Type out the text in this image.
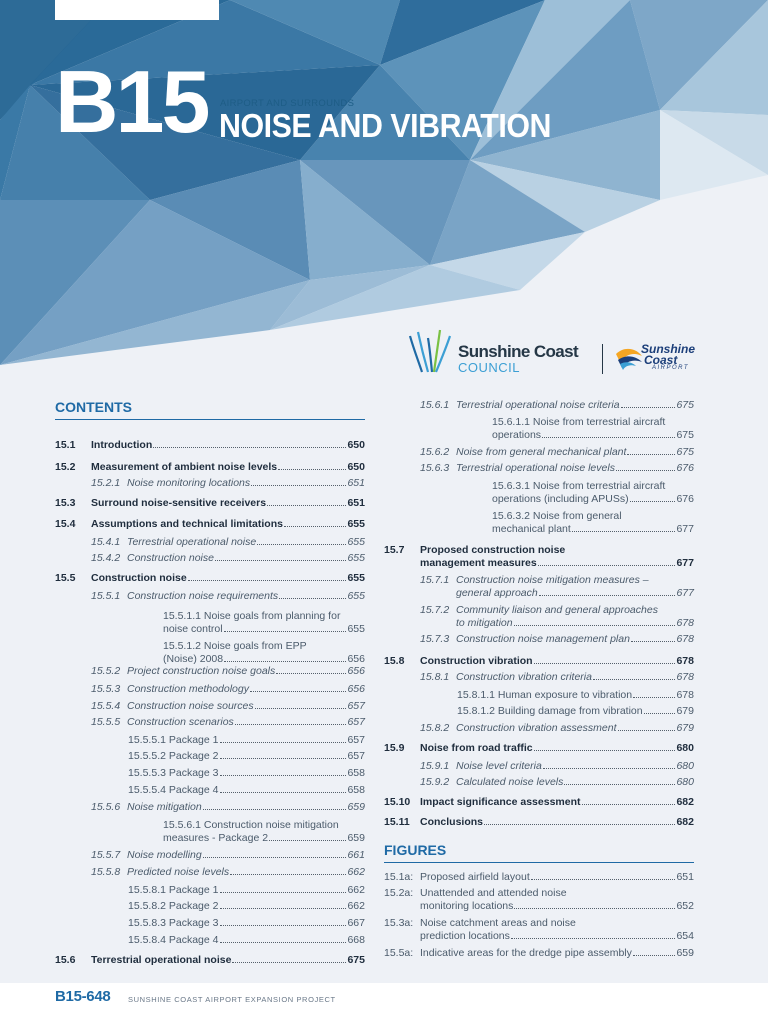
B15 AIRPORT AND SURROUNDS
NOISE AND VIBRATION
Sunshine Coast
COUNCIL
Sunshine
Coast
AIRPORT
CONTENTS
15.1 Introduction	650
15.2 Measurement of ambient noise levels	650
15.2.1 Noise monitoring locations	651
15.3 Surround noise-sensitive receivers	651
15.4 Assumptions and technical limitations	655
15.4.1 Terrestrial operational noise	655
15.4.2 Construction noise	655
15.5 Construction noise	655
15.5.1 Construction noise requirements	655
15.5.1.1 Noise goals from planning for
noise control	655
15.5.1.2 Noise goals from EPP
(Noise) 2008	656
15.5.2 Project construction noise goals	656
15.5.3 Construction methodology	656
15.5.4 Construction noise sources	657
15.5.5 Construction scenarios	657
15.5.5.1 Package 1	657
15.5.5.2 Package 2	657
15.5.5.3 Package 3	658
15.5.5.4 Package 4	658
15.5.6 Noise mitigation	659
15.5.6.1 Construction noise mitigation
measures - Package 2	659
15.5.7 Noise modelling	661
15.5.8 Predicted noise levels	662
15.5.8.1 Package 1	662
15.5.8.2 Package 2	662
15.5.8.3 Package 3	667
15.5.8.4 Package 4	668
15.6 Terrestrial operational noise	675
15.6.1 Terrestrial operational noise criteria	675
15.6.1.1 Noise from terrestrial aircraft
operations	675
15.6.2 Noise from general mechanical plant	675
15.6.3 Terrestrial operational noise levels	676
15.6.3.1 Noise from terrestrial aircraft
operations (including APUSs)	676
15.6.3.2 Noise from general
mechanical plant	677
15.7 Proposed construction noise
management measures	677
15.7.1 Construction noise mitigation measures –
general approach	677
15.7.2 Community liaison and general approaches
to mitigation	678
15.7.3 Construction noise management plan	678
15.8 Construction vibration	678
15.8.1 Construction vibration criteria	678
15.8.1.1 Human exposure to vibration	678
15.8.1.2 Building damage from vibration	679
15.8.2 Construction vibration assessment	679
15.9 Noise from road traffic	680
15.9.1 Noise level criteria	680
15.9.2 Calculated noise levels	680
15.10 Impact significance assessment	682
15.11 Conclusions	682
FIGURES
15.1a: Proposed airfield layout	651
15.2a: Unattended and attended noise
monitoring locations	652
15.3a: Noise catchment areas and noise
prediction locations	654
15.5a: Indicative areas for the dredge pipe assembly	659
B15-648 SUNSHINE COAST AIRPORT EXPANSION PROJECT
